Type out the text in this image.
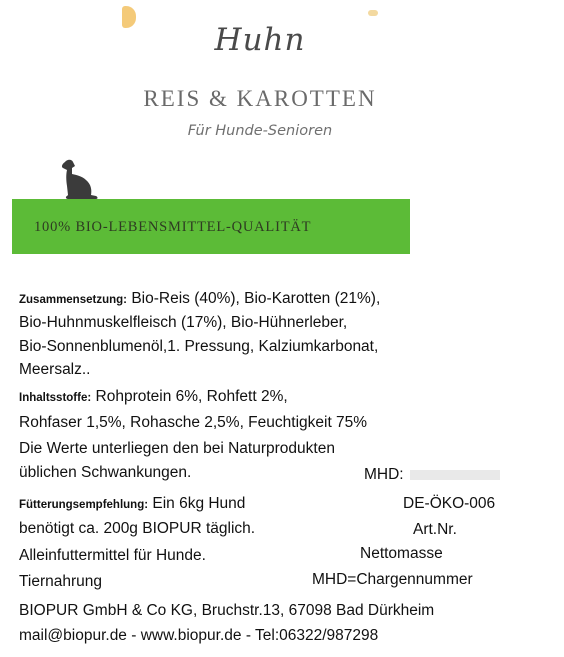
Huhn
REIS & KAROTTEN
Für Hunde-Senioren
100% BIO-LEBENSMITTEL-QUALITÄT
Zusammensetzung: Bio-Reis (40%), Bio-Karotten (21%),
Bio-Huhnmuskelfleisch (17%), Bio-Hühnerleber,
Bio-Sonnenblumenöl,1. Pressung, Kalziumkarbonat,
Meersalz..
Inhaltsstoffe: Rohprotein 6%, Rohfett 2%,
Rohfaser 1,5%, Rohasche 2,5%, Feuchtigkeit 75%
Die Werte unterliegen den bei Naturprodukten
üblichen Schwankungen.	MHD:
Fütterungsempfehlung: Ein 6kg Hund	DE-ÖKO-006
benötigt ca. 200g BIOPUR täglich.	Art.Nr.
Alleinfuttermittel für Hunde.	Nettomasse
Tiernahrung	MHD=Chargennummer
BIOPUR GmbH & Co KG, Bruchstr.13, 67098 Bad Dürkheim
mail@biopur.de - www.biopur.de - Tel:06322/987298
